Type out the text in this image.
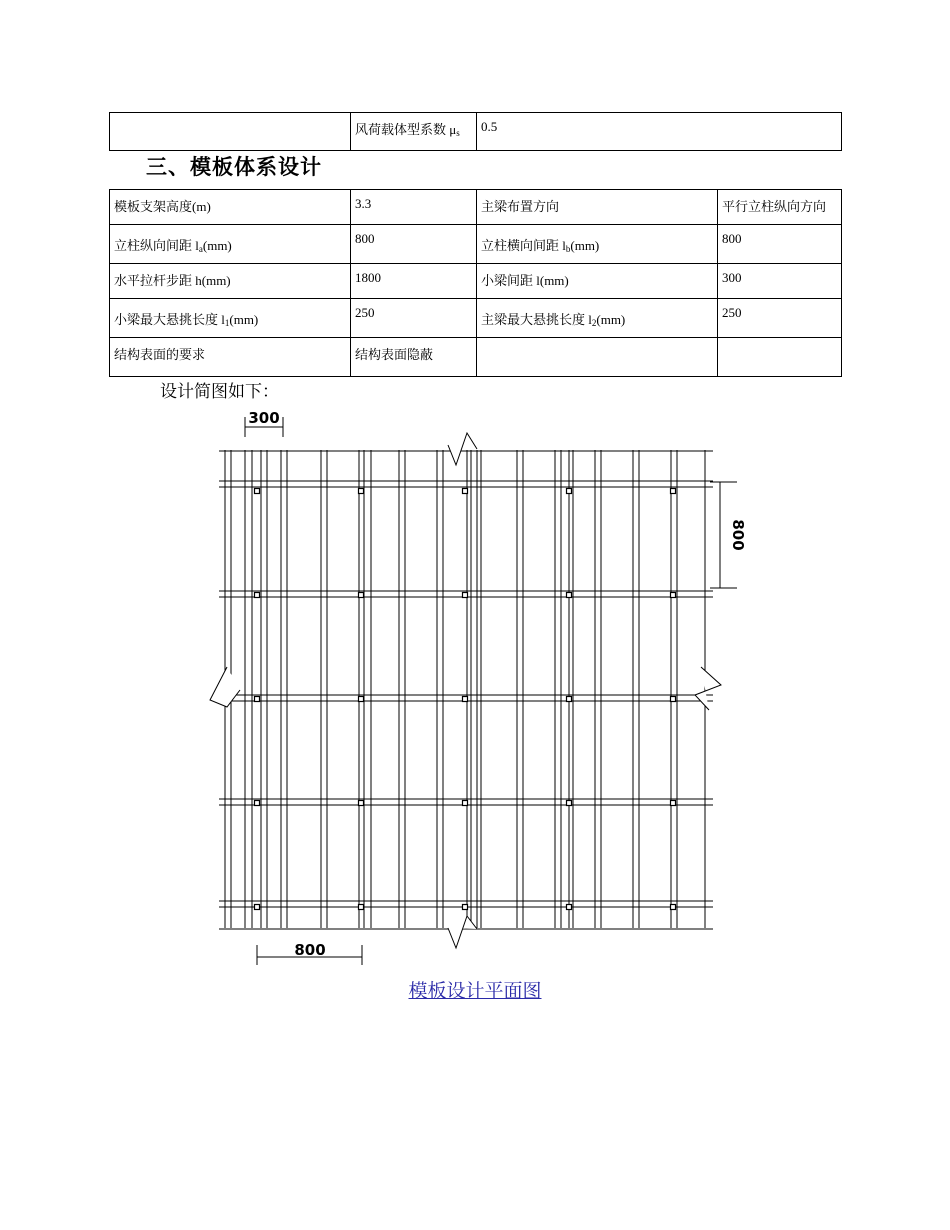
	风荷载体型系数 $\mu_s$	0.5
三、模板体系设计
模板支架高度(m)	3.3	主梁布置方向	平行立柱纵向方向
立柱纵向间距 $l_a(mm)$	800	立柱横向间距 $l_b(mm)$	800
水平拉杆步距 h(mm)	1800	小梁间距 l(mm)	300
小梁最大悬挑长度 $l_1(mm)$	250	主梁最大悬挑长度 $l_2(mm)$	250
结构表面的要求	结构表面隐蔽		
设计简图如下：
300
800
800
模板设计平面图
